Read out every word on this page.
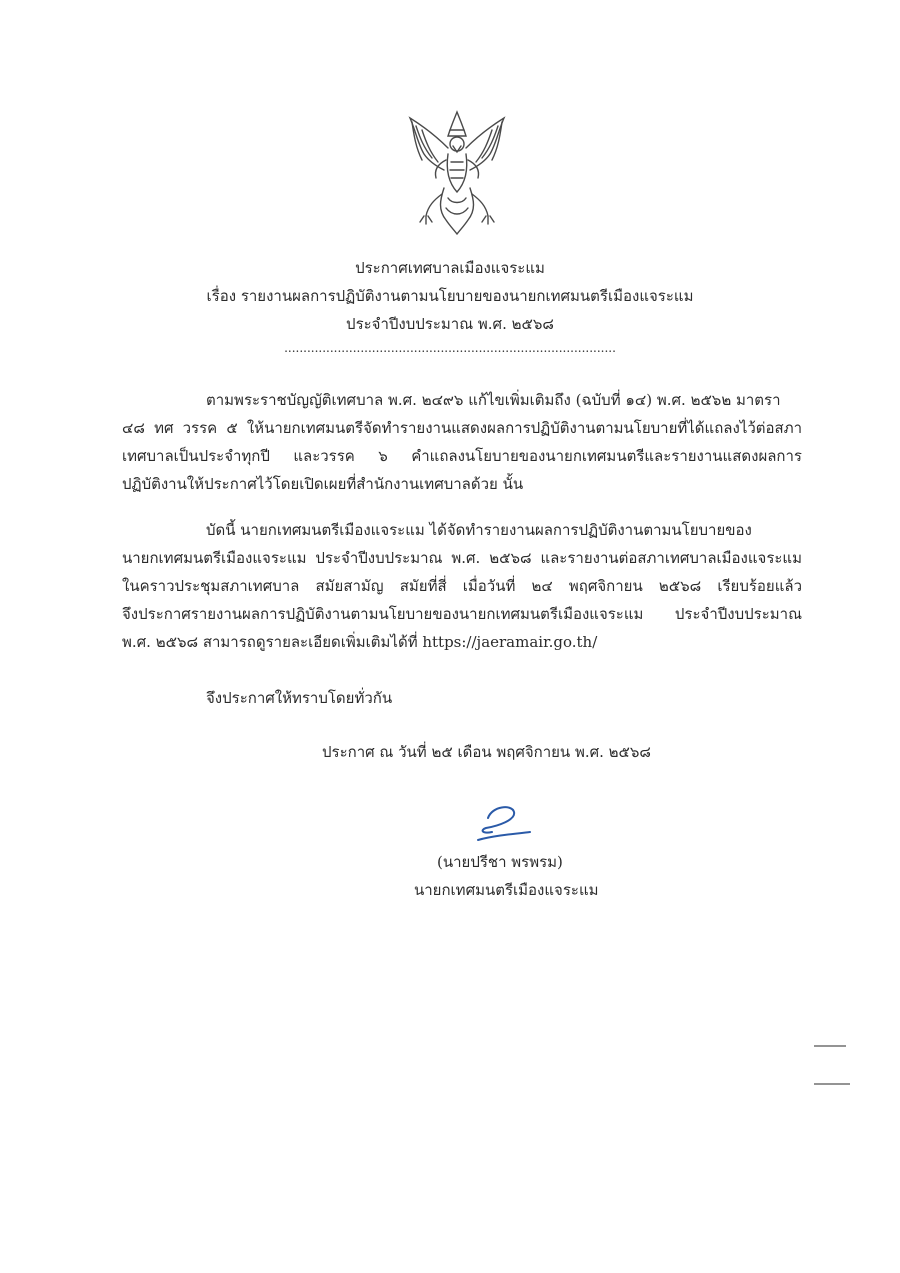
ประกาศเทศบาลเมืองแจระแม
เรื่อง รายงานผลการปฏิบัติงานตามนโยบายของนายกเทศมนตรีเมืองแจระแม
ประจำปีงบประมาณ พ.ศ. ๒๕๖๘
.......................................................................................
ตามพระราชบัญญัติเทศบาล พ.ศ. ๒๔๙๖ แก้ไขเพิ่มเติมถึง (ฉบับที่ ๑๔) พ.ศ. ๒๕๖๒ มาตรา
๔๘ ทศ วรรค ๕ ให้นายกเทศมนตรีจัดทำรายงานแสดงผลการปฏิบัติงานตามนโยบายที่ได้แถลงไว้ต่อสภา
เทศบาลเป็นประจำทุกปี และวรรค ๖ คำแถลงนโยบายของนายกเทศมนตรีและรายงานแสดงผลการ
ปฏิบัติงานให้ประกาศไว้โดยเปิดเผยที่สำนักงานเทศบาลด้วย นั้น
บัดนี้ นายกเทศมนตรีเมืองแจระแม ได้จัดทำรายงานผลการปฏิบัติงานตามนโยบายของ
นายกเทศมนตรีเมืองแจระแม ประจำปีงบประมาณ พ.ศ. ๒๕๖๘ และรายงานต่อสภาเทศบาลเมืองแจระแม
ในคราวประชุมสภาเทศบาล สมัยสามัญ สมัยที่สี่ เมื่อวันที่ ๒๔ พฤศจิกายน ๒๕๖๘ เรียบร้อยแล้ว
จึงประกาศรายงานผลการปฏิบัติงานตามนโยบายของนายกเทศมนตรีเมืองแจระแม ประจำปีงบประมาณ
พ.ศ. ๒๕๖๘ สามารถดูรายละเอียดเพิ่มเติมได้ที่ https://jaeramair.go.th/
จึงประกาศให้ทราบโดยทั่วกัน
ประกาศ ณ วันที่ ๒๕ เดือน พฤศจิกายน พ.ศ. ๒๕๖๘
(นายปรีชา พรพรม)
นายกเทศมนตรีเมืองแจระแม
